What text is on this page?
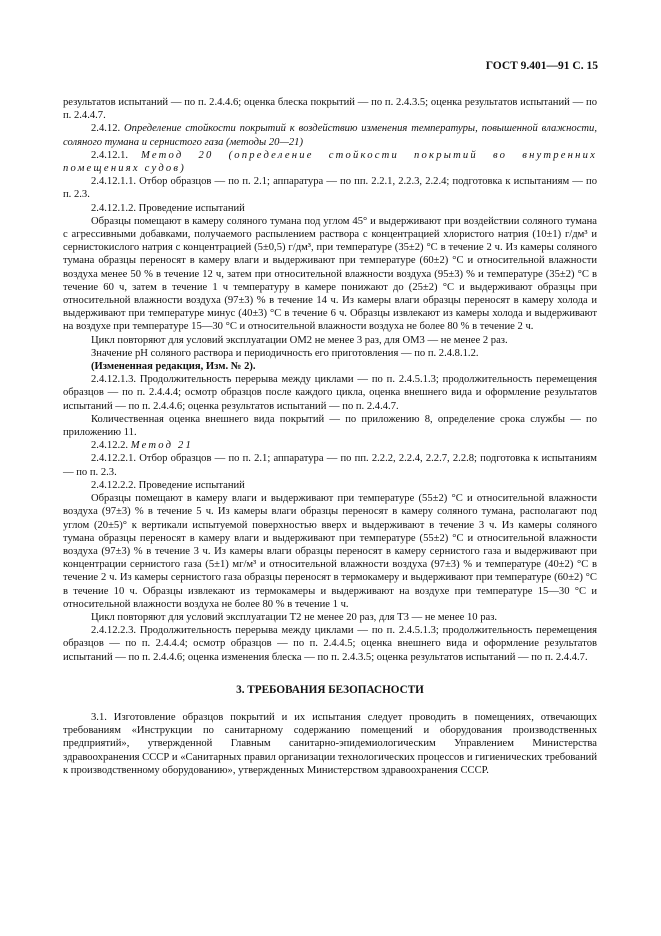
ГОСТ 9.401—91 С. 15

результатов испытаний — по п. 2.4.4.6; оценка блеска покрытий — по п. 2.4.3.5; оценка результатов испытаний — по п. 2.4.4.7.

2.4.12. Определение стойкости покрытий к воздействию изменения температуры, повышенной влажности, соляного тумана и сернистого газа (методы 20—21)

2.4.12.1. Метод 20 (определение стойкости покрытий во внутренних помещениях судов)

2.4.12.1.1. Отбор образцов — по п. 2.1; аппаратура — по пп. 2.2.1, 2.2.3, 2.2.4; подготовка к испытаниям — по п. 2.3.

2.4.12.1.2. Проведение испытаний

Образцы помещают в камеру соляного тумана под углом 45° и выдерживают при воздействии соляного тумана с агрессивными добавками, получаемого распылением раствора с концентрацией хлористого натрия (10±1) г/дм³ и сернистокислого натрия с концентрацией (5±0,5) г/дм³, при температуре (35±2) °С в течение 2 ч. Из камеры соляного тумана образцы переносят в камеру влаги и выдерживают при температуре (60±2) °С и относительной влажности воздуха менее 50 % в течение 12 ч, затем при относительной влажности воздуха (95±3) % и температуре (35±2) °С в течение 60 ч, затем в течение 1 ч температуру в камере понижают до (25±2) °С и выдерживают образцы при относительной влажности воздуха (97±3) % в течение 14 ч. Из камеры влаги образцы переносят в камеру холода и выдерживают при температуре минус (40±3) °С в течение 6 ч. Образцы извлекают из камеры холода и выдерживают на воздухе при температуре 15—30 °С и относительной влажности воздуха не более 80 % в течение 2 ч.

Цикл повторяют для условий эксплуатации ОМ2 не менее 3 раз, для ОМ3 — не менее 2 раз.

Значение pH соляного раствора и периодичность его приготовления — по п. 2.4.8.1.2.

(Измененная редакция, Изм. № 2).

2.4.12.1.3. Продолжительность перерыва между циклами — по п. 2.4.5.1.3; продолжительность перемещения образцов — по п. 2.4.4.4; осмотр образцов после каждого цикла, оценка внешнего вида и оформление результатов испытаний — по п. 2.4.4.6; оценка результатов испытаний — по п. 2.4.4.7.

Количественная оценка внешнего вида покрытий — по приложению 8, определение срока службы — по приложению 11.

2.4.12.2. Метод 21

2.4.12.2.1. Отбор образцов — по п. 2.1; аппаратура — по пп. 2.2.2, 2.2.4, 2.2.7, 2.2.8; подготовка к испытаниям — по п. 2.3.

2.4.12.2.2. Проведение испытаний

Образцы помещают в камеру влаги и выдерживают при температуре (55±2) °С и относительной влажности воздуха (97±3) % в течение 5 ч. Из камеры влаги образцы переносят в камеру соляного тумана, располагают под углом (20±5)° к вертикали испытуемой поверхностью вверх и выдерживают в течение 3 ч. Из камеры соляного тумана образцы переносят в камеру влаги и выдерживают при температуре (55±2) °С и относительной влажности воздуха (97±3) % в течение 3 ч. Из камеры влаги образцы переносят в камеру сернистого газа и выдерживают при концентрации сернистого газа (5±1) мг/м³ и относительной влажности воздуха (97±3) % и температуре (40±2) °С в течение 2 ч. Из камеры сернистого газа образцы переносят в термокамеру и выдерживают при температуре (60±2) °С в течение 10 ч. Образцы извлекают из термокамеры и выдерживают на воздухе при температуре 15—30 °С и относительной влажности воздуха не более 80 % в течение 1 ч.

Цикл повторяют для условий эксплуатации Т2 не менее 20 раз, для Т3 — не менее 10 раз.

2.4.12.2.3. Продолжительность перерыва между циклами — по п. 2.4.5.1.3; продолжительность перемещения образцов — по п. 2.4.4.4; осмотр образцов — по п. 2.4.4.5; оценка внешнего вида и оформление результатов испытаний — по п. 2.4.4.6; оценка изменения блеска — по п. 2.4.3.5; оценка результатов испытаний — по п. 2.4.4.7.

3. ТРЕБОВАНИЯ БЕЗОПАСНОСТИ

3.1. Изготовление образцов покрытий и их испытания следует проводить в помещениях, отвечающих требованиям «Инструкции по санитарному содержанию помещений и оборудования производственных предприятий», утвержденной Главным санитарно-эпидемиологическим Управлением Министерства здравоохранения СССР и «Санитарных правил организации технологических процессов и гигиенических требований к производственному оборудованию», утвержденных Министерством здравоохранения СССР.
